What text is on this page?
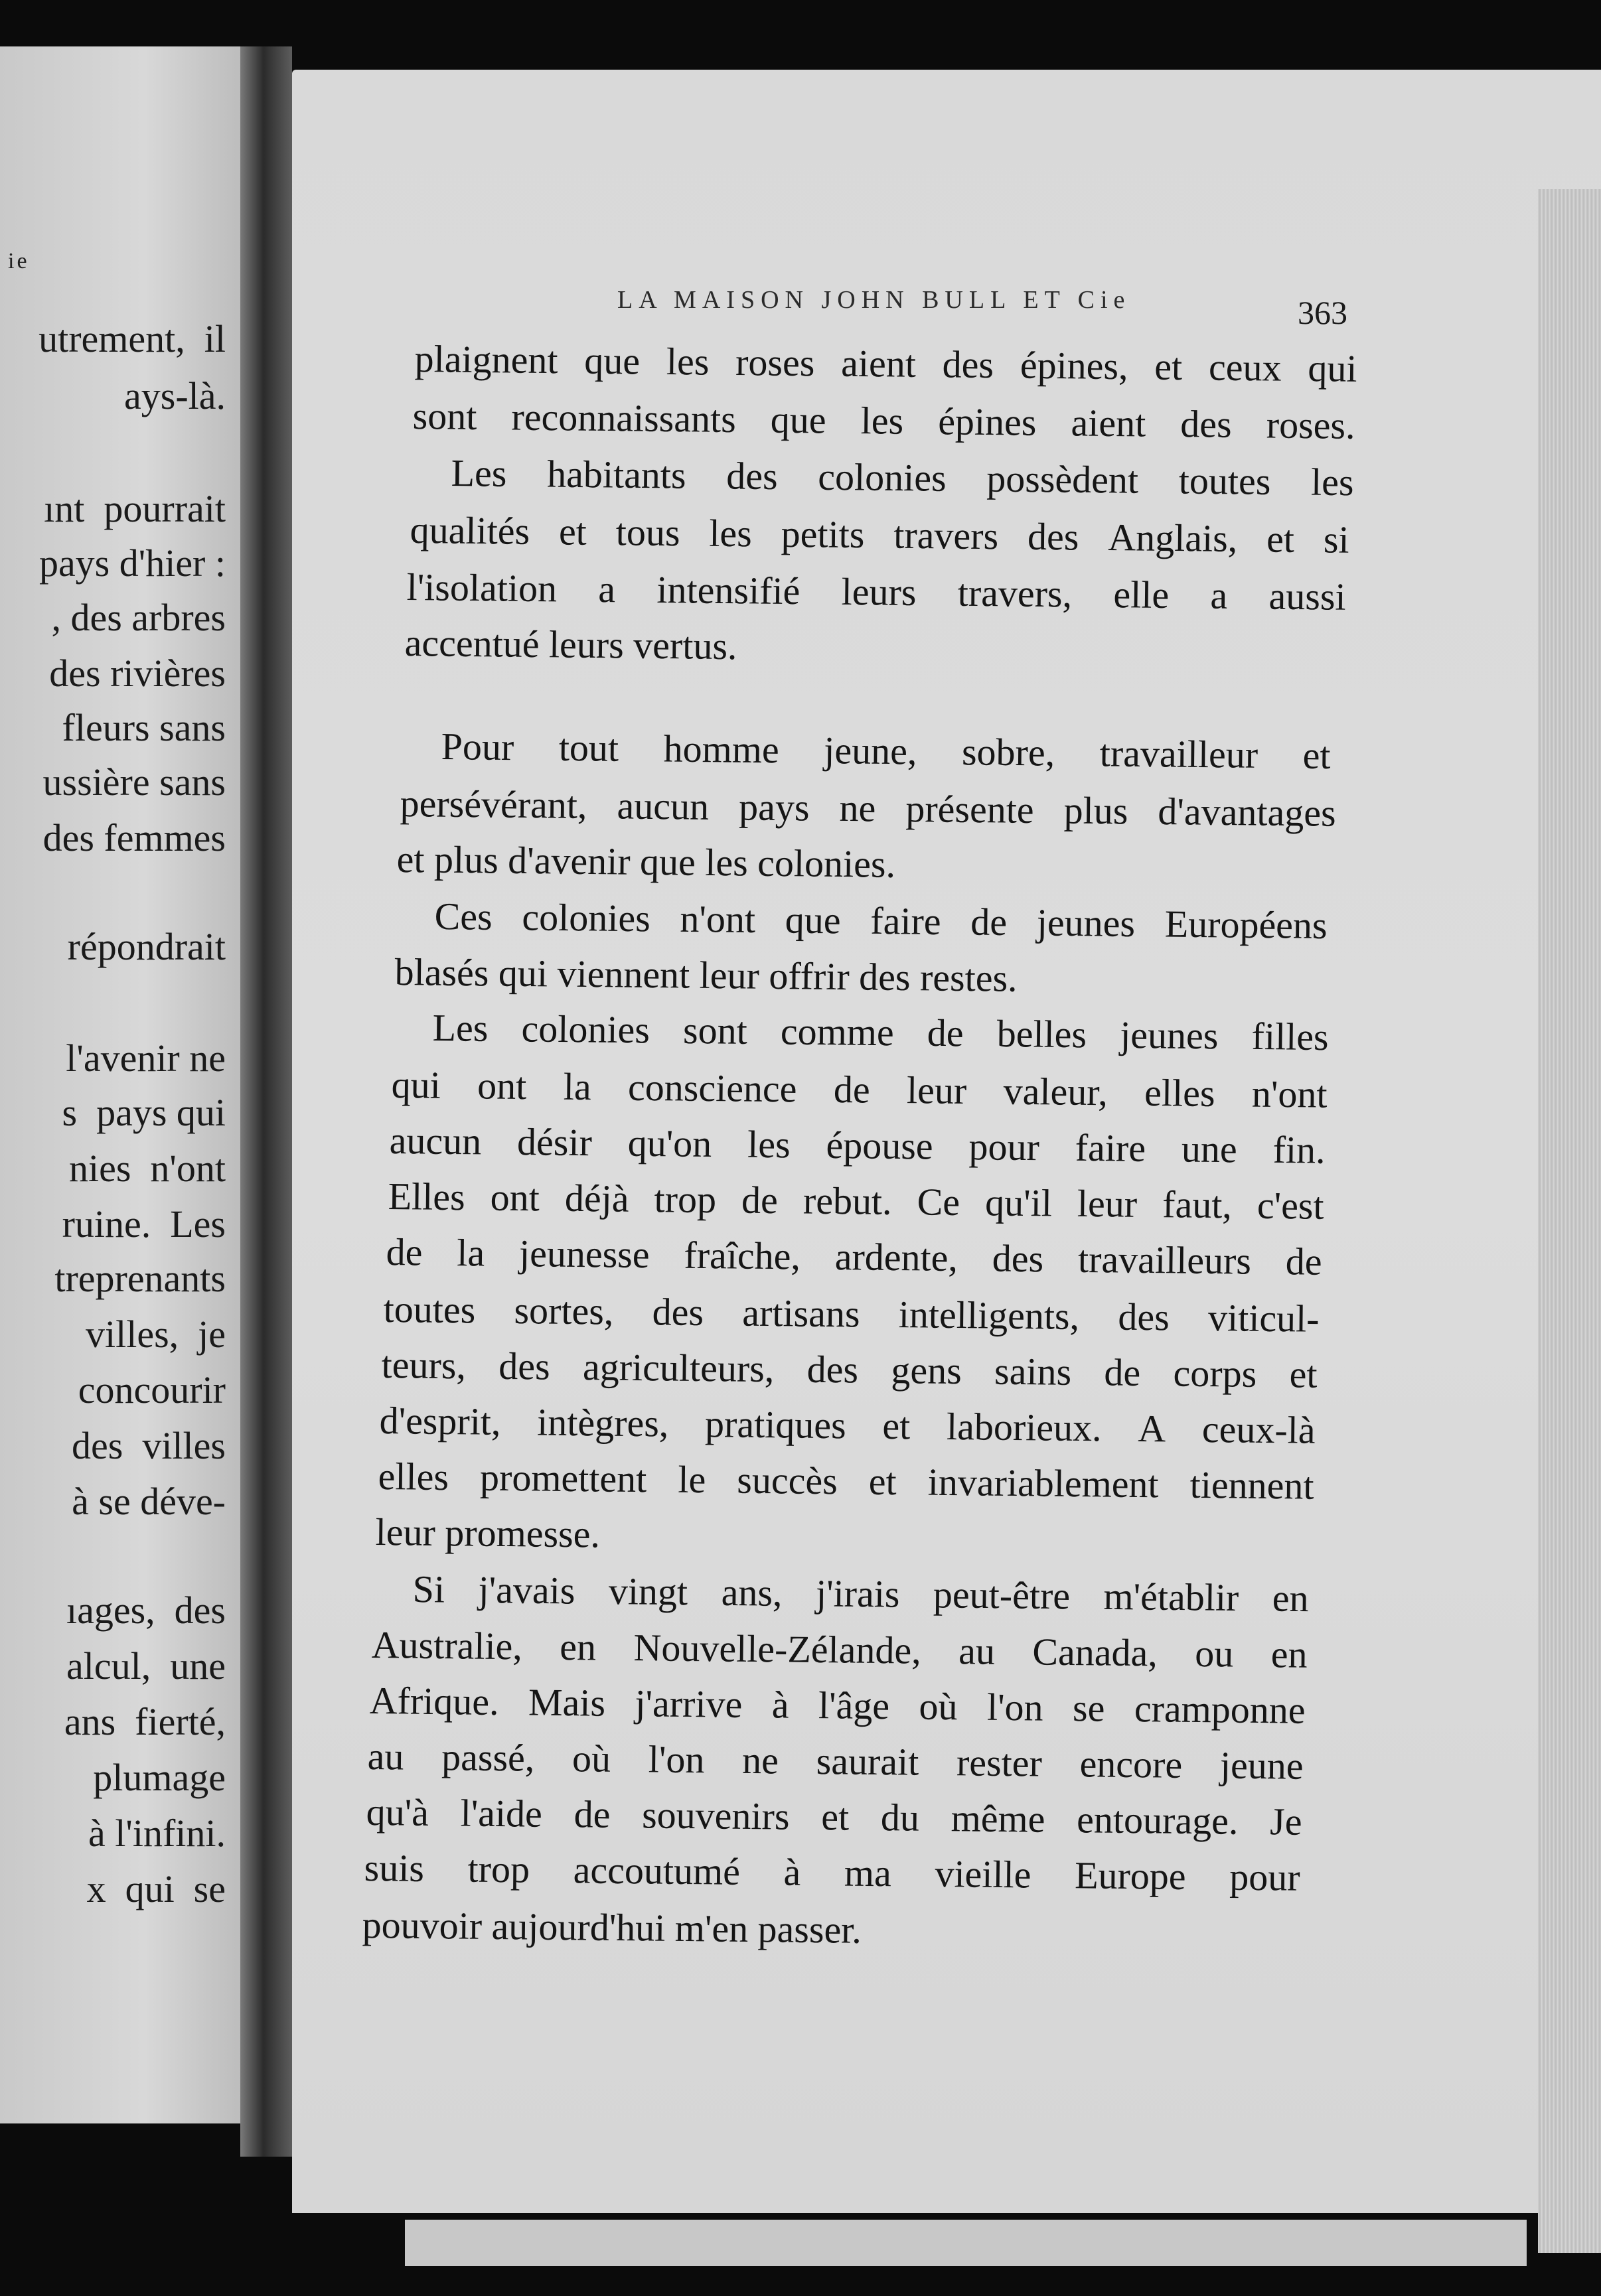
ie
utrement,  il
ays-là.
ınt  pourrait
pays d'hier :
, des arbres
des rivières
fleurs sans
ussière sans
des femmes
répondrait
l'avenir ne
s  pays qui
nies  n'ont
ruine.  Les
treprenants
villes,  je
concourir
des  villes
à se déve-
ıages,  des
alcul,  une
ans  fierté,
plumage
à l'infini.
x  qui  se
LA MAISON JOHN BULL ET Cie	363
plaignent que les roses aient des épines, et ceux qui
sont reconnaissants que les épines aient des roses.
Les habitants des colonies possèdent toutes les
qualités et tous les petits travers des Anglais, et si
l'isolation a intensifié leurs travers, elle a aussi
accentué leurs vertus.
Pour tout homme jeune, sobre, travailleur et
persévérant, aucun pays ne présente plus d'avantages
et plus d'avenir que les colonies.
Ces colonies n'ont que faire de jeunes Européens
blasés qui viennent leur offrir des restes.
Les colonies sont comme de belles jeunes filles
qui ont la conscience de leur valeur, elles n'ont
aucun désir qu'on les épouse pour faire une fin.
Elles ont déjà trop de rebut. Ce qu'il leur faut, c'est
de la jeunesse fraîche, ardente, des travailleurs de
toutes sortes, des artisans intelligents, des viticul-
teurs, des agriculteurs, des gens sains de corps et
d'esprit, intègres, pratiques et laborieux. A ceux-là
elles promettent le succès et invariablement tiennent
leur promesse.
Si j'avais vingt ans, j'irais peut-être m'établir en
Australie, en Nouvelle-Zélande, au Canada, ou en
Afrique. Mais j'arrive à l'âge où l'on se cramponne
au passé, où l'on ne saurait rester encore jeune
qu'à l'aide de souvenirs et du même entourage. Je
suis trop accoutumé à ma vieille Europe pour
pouvoir aujourd'hui m'en passer.
